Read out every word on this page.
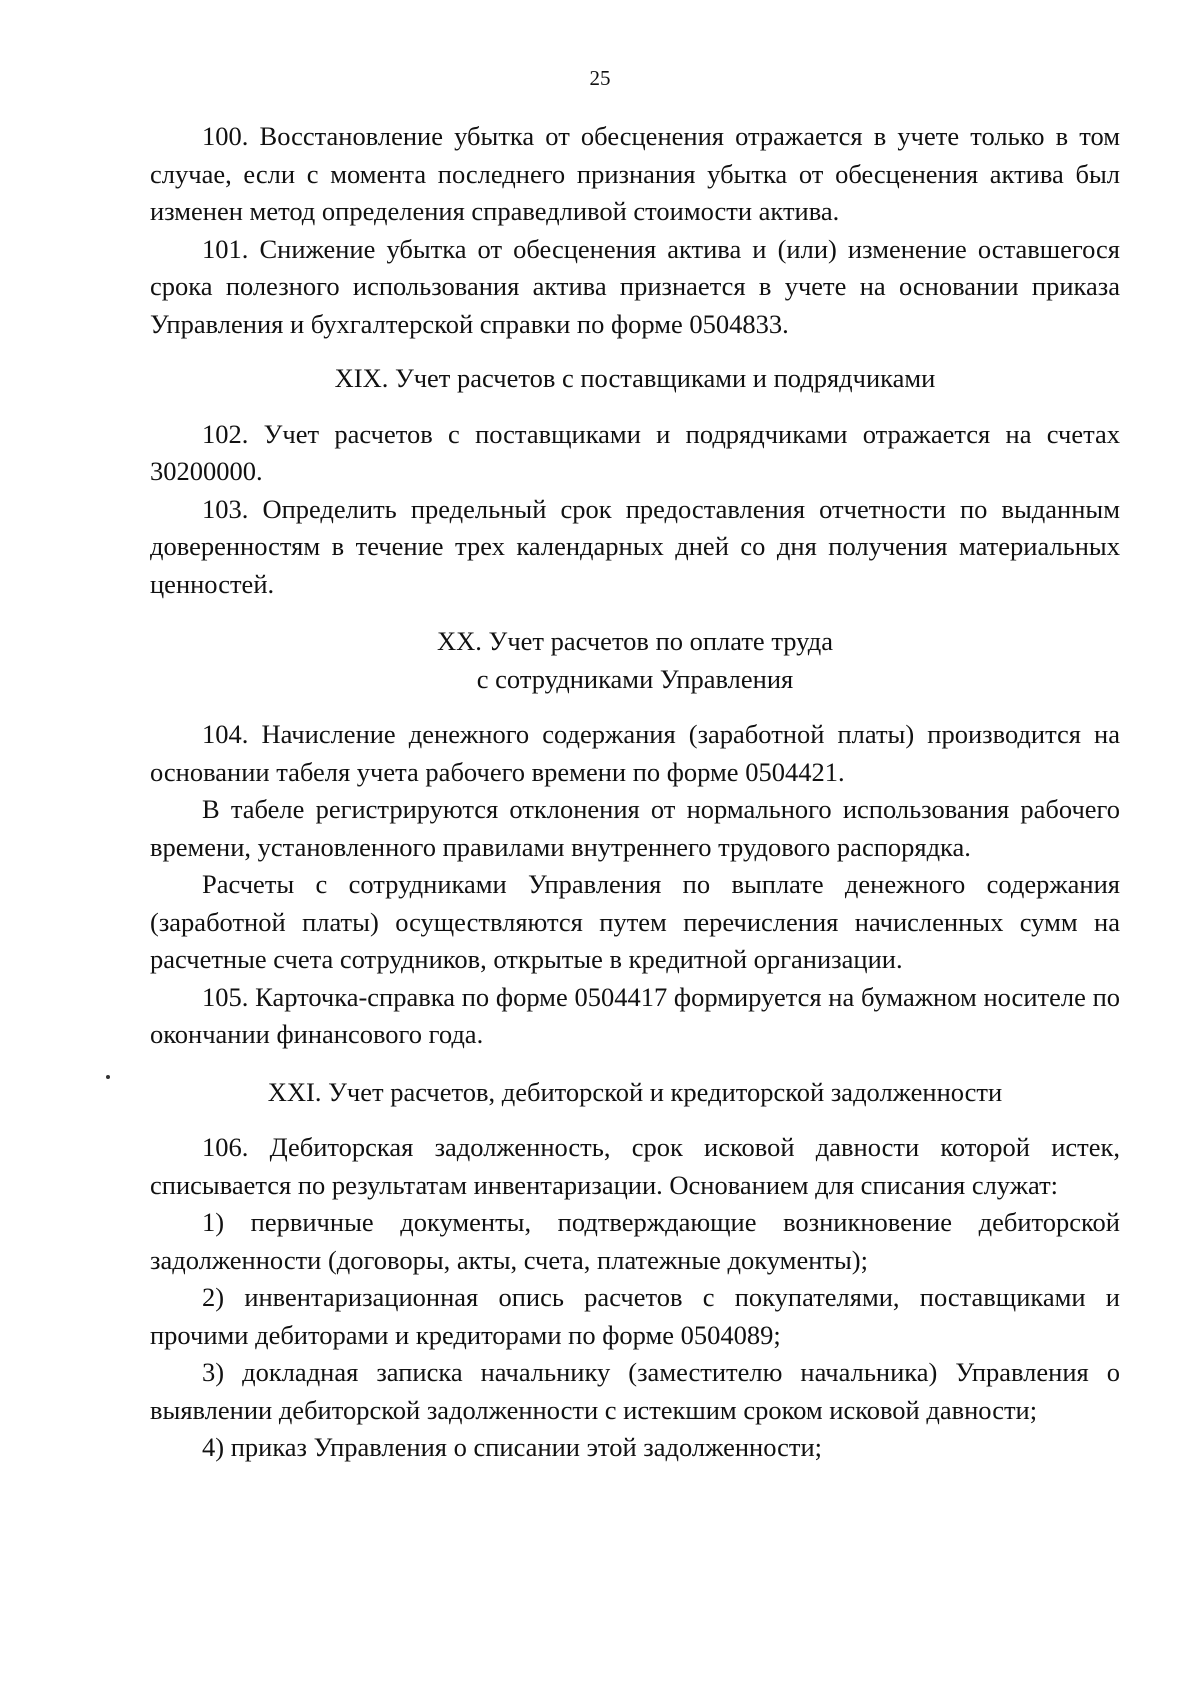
25

100. Восстановление убытка от обесценения отражается в учете только в том случае, если с момента последнего признания убытка от обесценения актива был изменен метод определения справедливой стоимости актива.

101. Снижение убытка от обесценения актива и (или) изменение оставшегося срока полезного использования актива признается в учете на основании приказа Управления и бухгалтерской справки по форме 0504833.

XIX. Учет расчетов с поставщиками и подрядчиками

102. Учет расчетов с поставщиками и подрядчиками отражается на счетах 30200000.

103. Определить предельный срок предоставления отчетности по выданным доверенностям в течение трех календарных дней со дня получения материальных ценностей.

XX. Учет расчетов по оплате труда
с сотрудниками Управления

104. Начисление денежного содержания (заработной платы) производится на основании табеля учета рабочего времени по форме 0504421.

В табеле регистрируются отклонения от нормального использования рабочего времени, установленного правилами внутреннего трудового распорядка.

Расчеты с сотрудниками Управления по выплате денежного содержания (заработной платы) осуществляются путем перечисления начисленных сумм на расчетные счета сотрудников, открытые в кредитной организации.

105. Карточка-справка по форме 0504417 формируется на бумажном носителе по окончании финансового года.

XXI. Учет расчетов, дебиторской и кредиторской задолженности

106. Дебиторская задолженность, срок исковой давности которой истек, списывается по результатам инвентаризации. Основанием для списания служат:

1) первичные документы, подтверждающие возникновение дебиторской задолженности (договоры, акты, счета, платежные документы);

2) инвентаризационная опись расчетов с покупателями, поставщиками и прочими дебиторами и кредиторами по форме 0504089;

3) докладная записка начальнику (заместителю начальника) Управления о выявлении дебиторской задолженности с истекшим сроком исковой давности;

4) приказ Управления о списании этой задолженности;
